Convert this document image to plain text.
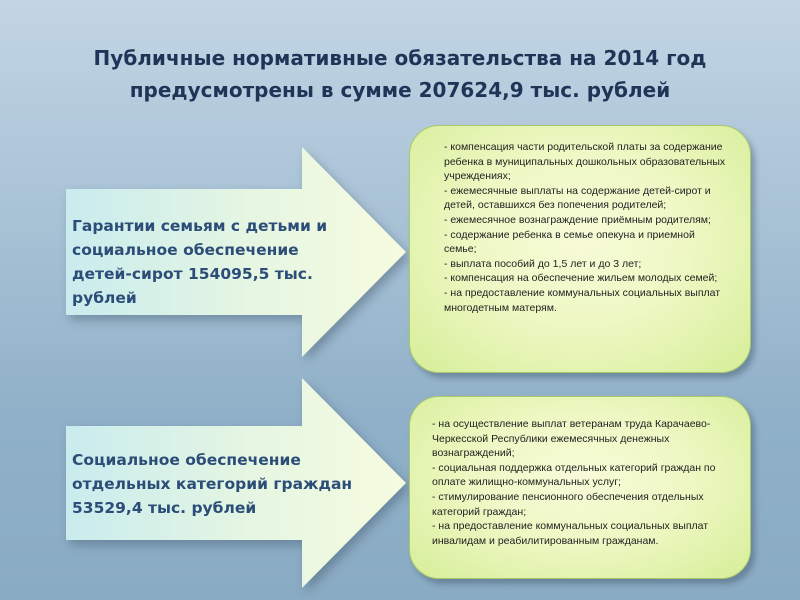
Публичные нормативные обязательства на 2014 год предусмотрены в сумме 207624,9 тыс. рублей
Гарантии семьям с детьми и социальное обеспечение детей-сирот 154095,5 тыс. рублей
- компенсация части родительской платы за содержание ребенка в муниципальных дошкольных образовательных учреждениях;
- ежемесячные выплаты на содержание детей-сирот и детей, оставшихся без попечения родителей;
- ежемесячное вознаграждение приёмным родителям;
- содержание ребенка в семье опекуна и приемной семье;
- выплата пособий до 1,5 лет и до 3 лет;
- компенсация на обеспечение жильем молодых семей;
- на предоставление коммунальных социальных выплат многодетным матерям.
Социальное обеспечение отдельных категорий граждан 53529,4 тыс. рублей
- на осуществление выплат ветеранам труда Карачаево-Черкесской Республики ежемесячных денежных вознаграждений;
- социальная поддержка отдельных категорий граждан по оплате жилищно-коммунальных услуг;
- стимулирование пенсионного обеспечения отдельных категорий граждан;
- на предоставление коммунальных социальных выплат инвалидам и реабилитированным гражданам.
